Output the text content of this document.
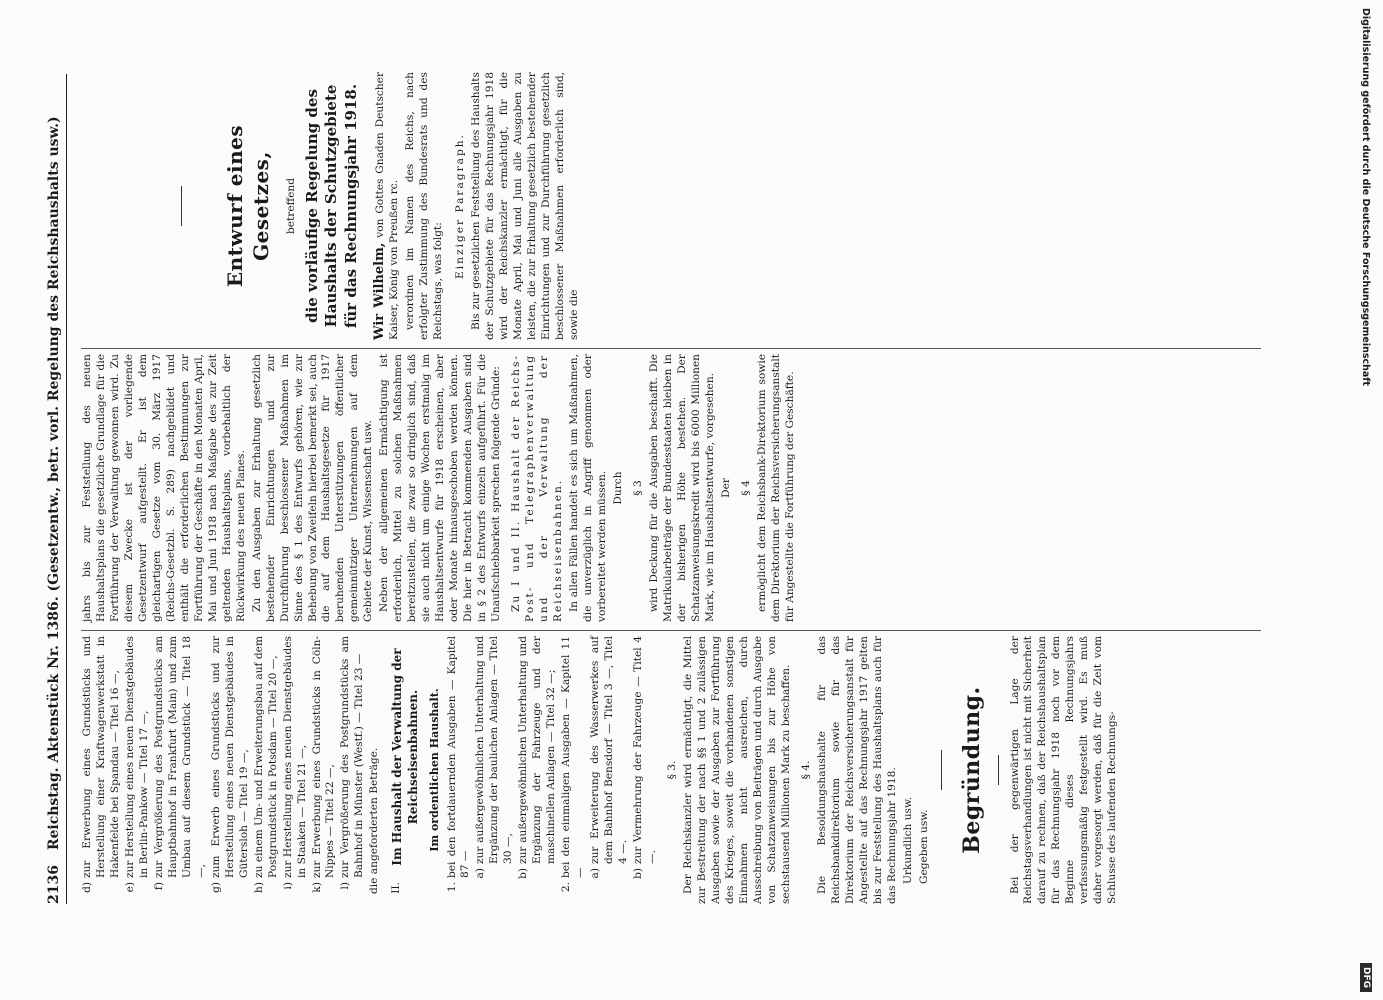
2136 Reichstag. Aktenstück Nr. 1386. (Gesetzentw., betr. vorl. Regelung des Reichshaushalts usw.)
d)
zur Erwerbung eines Grundstücks und Herstellung einer Kraftwagenwerkstatt in Hakenfelde bei Spandau — Titel 16 —,
e)
zur Herstellung eines neuen Dienstgebäudes in Berlin-Pankow — Titel 17 —,
f)
zur Vergrößerung des Postgrundstücks am Hauptbahnhof in Frankfurt (Main) und zum Umbau auf diesem Grundstück — Titel 18 —,
g)
zum Erwerb eines Grundstücks und zur Herstellung eines neuen Dienstgebäudes in Gütersloh — Titel 19 —,
h)
zu einem Um- und Erweiterungsbau auf dem Postgrundstück in Potsdam — Titel 20 —,
i)
zur Herstellung eines neuen Dienstgebäudes in Staaken — Titel 21 —,
k)
zur Erwerbung eines Grundstücks in Cöln-Nippes — Titel 22 —,
l)
zur Vergrößerung des Postgrundstücks am Bahnhof in Münster (Westf.) — Titel 23 — die angeforderten Beträge. II.
Im Haushalt der Verwaltung der Reichseisenbahnen. Im ordentlichen Haushalt.
1.
bei den fortdauernden Ausgaben — Kapitel 87 — a)
zur außergewöhnlichen Unterhaltung und Ergänzung der baulichen Anlagen — Titel 30 —,
b)
zur außergewöhnlichen Unterhaltung und Ergänzung der Fahrzeuge und der maschinellen Anlagen — Titel 32 —;
2.
bei den einmaligen Ausgaben — Kapitel 11 — a)
zur Erweiterung des Wasserwerkes auf dem Bahnhof Bensdorf — Titel 3 —, Titel 4 —.
b)
zur Vermehrung der Fahrzeuge — Titel 4 —.
§ 3. Der Reichskanzler wird ermächtigt, die Mittel zur Bestreitung der nach §§ 1 und 2 zulässigen Ausgaben sowie der Ausgaben zur Fortführung des Krieges, soweit die vorhandenen sonstigen Einnahmen nicht ausreichen, durch Ausschreibung von Beiträgen und durch Ausgabe von Schatzanweisungen bis zur Höhe von sechstausend Millionen Mark zu beschaffen. § 4. Die Besoldungshaushalte für das Reichsbankdirektorium sowie für das Direktorium der Reichsversicherungsanstalt für Angestellte auf das Rechnungsjahr 1917 gelten bis zur Feststellung des Haushaltsplans auch für das Rechnungsjahr 1918. Urkundlich usw. Gegeben usw. Begründung. Bei der gegenwärtigen Lage der Reichstagsverhandlungen ist nicht mit Sicherheit darauf zu rechnen, daß der Reichshaushaltsplan für das Rechnungsjahr 1918 noch vor dem Beginne dieses Rechnungsjahrs verfassungsmäßig festgestellt wird. Es muß daher vorgesorgt werden, daß für die Zeit vom Schlusse des laufenden Rechnungs-

jahrs bis zur Feststellung des neuen Haushaltsplans die gesetzliche Grundlage für die Fortführung der Verwaltung gewonnen wird. Zu diesem Zwecke ist der vorliegende Gesetzentwurf aufgestellt. Er ist dem gleichartigen Gesetze vom 30. März 1917 (Reichs-Gesetzbl. S. 289) nachgebildet und enthält die erforderlichen Bestimmungen zur Fortführung der Geschäfte in den Monaten April, Mai und Juni 1918 nach Maßgabe des zur Zeit geltenden Haushaltsplans, vorbehaltlich der Rückwirkung des neuen Planes. Zu den Ausgaben zur Erhaltung gesetzlich bestehender Einrichtungen und zur Durchführung beschlossener Maßnahmen im Sinne des § 1 des Entwurfs gehören, wie zur Behebung von Zweifeln hierbei bemerkt sei, auch die auf dem Haushaltsgesetze für 1917 beruhenden Unterstützungen öffentlicher gemeinnütziger Unternehmungen auf dem Gebiete der Kunst, Wissenschaft usw. Neben der allgemeinen Ermächtigung ist erforderlich, Mittel zu solchen Maßnahmen bereitzustellen, die zwar so dringlich sind, daß sie auch nicht um einige Wochen erstmalig im Haushaltsentwurfe für 1918 erscheinen, aber oder Monate hinausgeschoben werden können. Die hier in Betracht kommenden Ausgaben sind in § 2 des Entwurfs einzeln aufgeführt. Für die Unaufschiebbarkeit sprechen folgende Gründe: Zu I und II. Haushalt der Reichs-Post- und Telegraphenverwaltung und der Verwaltung der Reichseisenbahnen. In allen Fällen handelt es sich um Maßnahmen, die unverzüglich in Angriff genommen oder vorbereitet werden müssen. Durch § 3 wird Deckung für die Ausgaben beschafft. Die Matrikularbeiträge der Bundesstaaten bleiben in der bisherigen Höhe bestehen. Der Schatzanweisungskredit wird bis 6000 Millionen Mark, wie im Haushaltsentwurfe, vorgesehen. Der § 4 ermöglicht dem Reichsbank-Direktorium sowie dem Direktorium der Reichsversicherungsanstalt für Angestellte die Fortführung der Geschäfte.

Entwurf eines Gesetzes, betreffend die vorläufige Regelung des Haushalts der Schutzgebiete für das Rechnungsjahr 1918. Wir Wilhelm, von Gottes Gnaden Deutscher Kaiser, König von Preußen rc. verordnen im Namen des Reichs, nach erfolgter Zustimmung des Bundesrats und des Reichstags, was folgt:

Einziger Paragraph. Bis zur gesetzlichen Feststellung des Haushalts der Schutzgebiete für das Rechnungsjahr 1918 wird der Reichskanzler ermächtigt, für die Monate April, Mai und Juni alle Ausgaben zu leisten, die zur Erhaltung gesetzlich bestehender Einrichtungen und zur Durchführung gesetzlich beschlossener Maßnahmen erforderlich sind, sowie die	Digitalisierung gefördert durch die Deutsche Forschungsgemeinschaft
DFG
